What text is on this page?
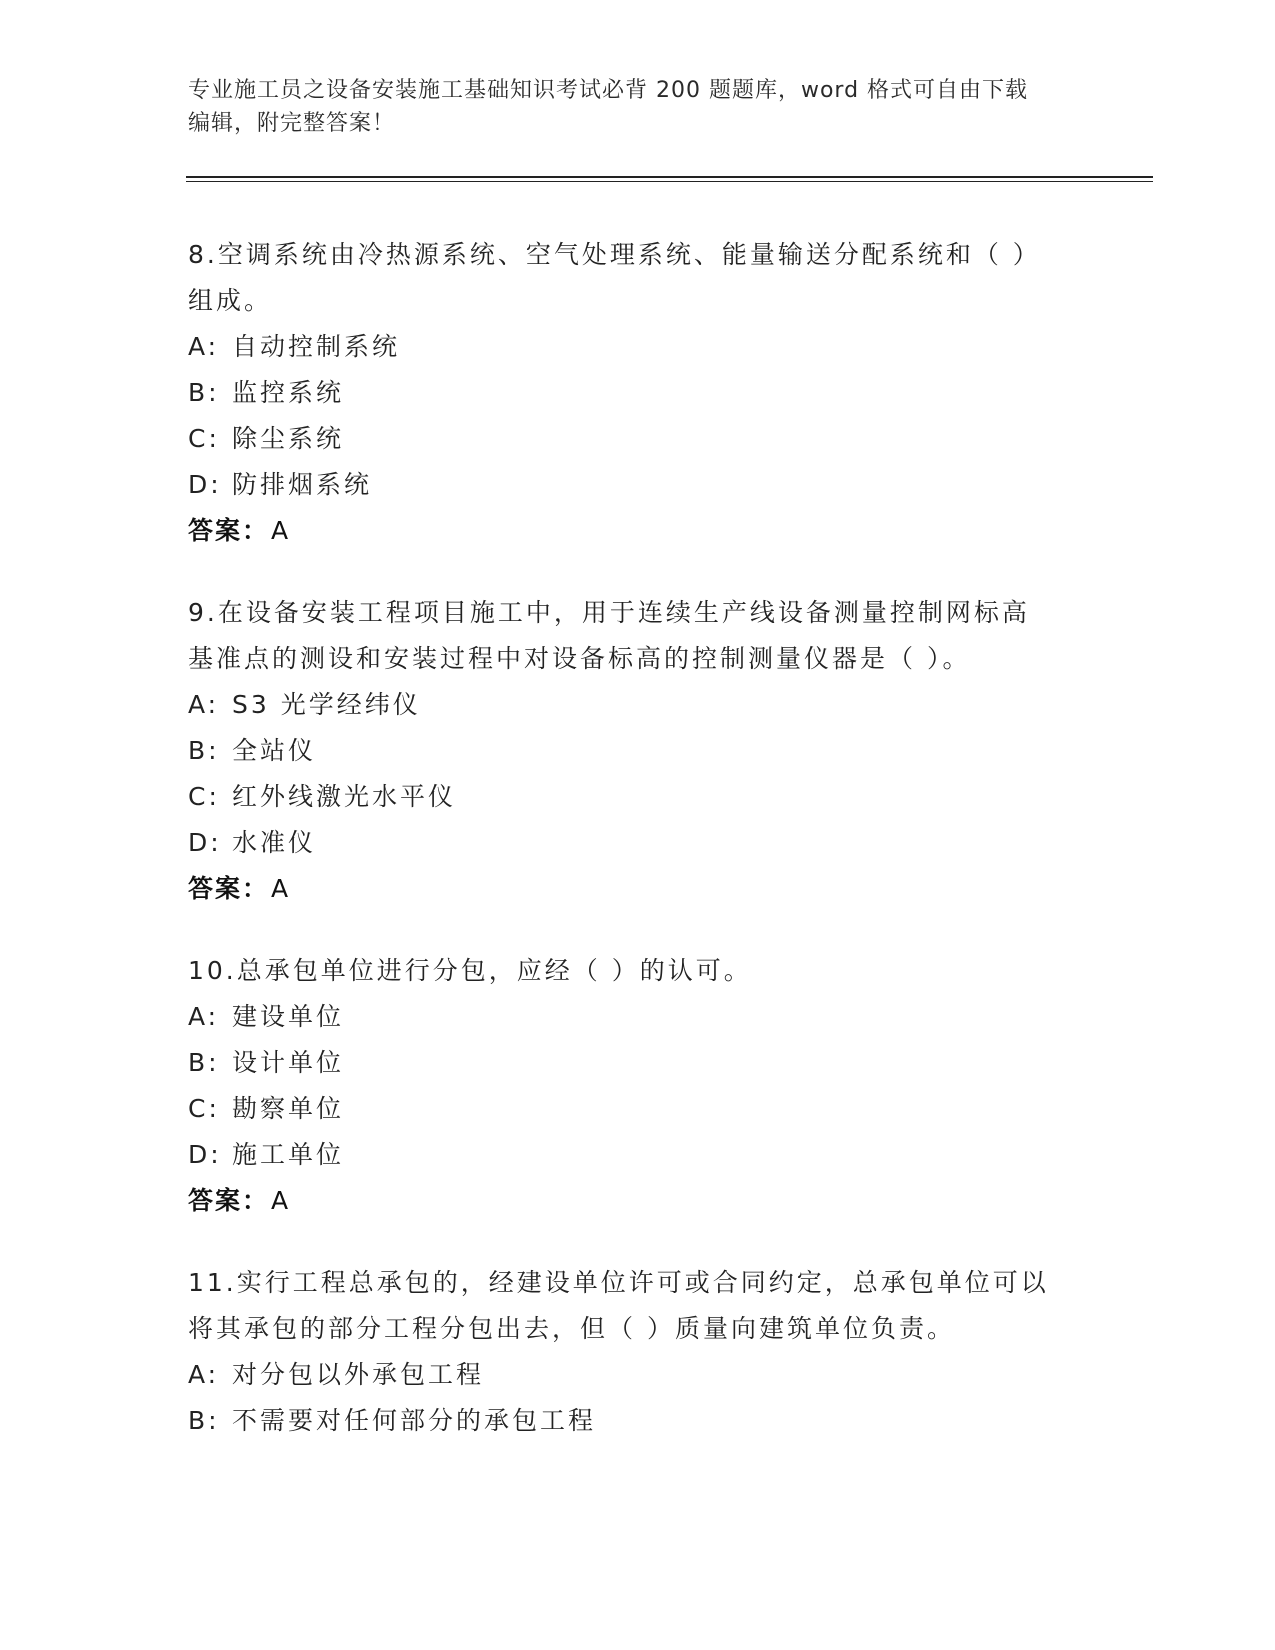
专业施工员之设备安装施工基础知识考试必背 200 题题库，word 格式可自由下载
编辑，附完整答案！
8.空调系统由冷热源系统、空气处理系统、能量输送分配系统和（ ）
组成。
A: 自动控制系统
B: 监控系统
C: 除尘系统
D: 防排烟系统
答案：A
9.在设备安装工程项目施工中，用于连续生产线设备测量控制网标高
基准点的测设和安装过程中对设备标高的控制测量仪器是（ ）。
A: S3 光学经纬仪
B: 全站仪
C: 红外线激光水平仪
D: 水准仪
答案：A
10.总承包单位进行分包，应经（ ）的认可。
A: 建设单位
B: 设计单位
C: 勘察单位
D: 施工单位
答案：A
11.实行工程总承包的，经建设单位许可或合同约定，总承包单位可以
将其承包的部分工程分包出去，但（ ）质量向建筑单位负责。
A: 对分包以外承包工程
B: 不需要对任何部分的承包工程
